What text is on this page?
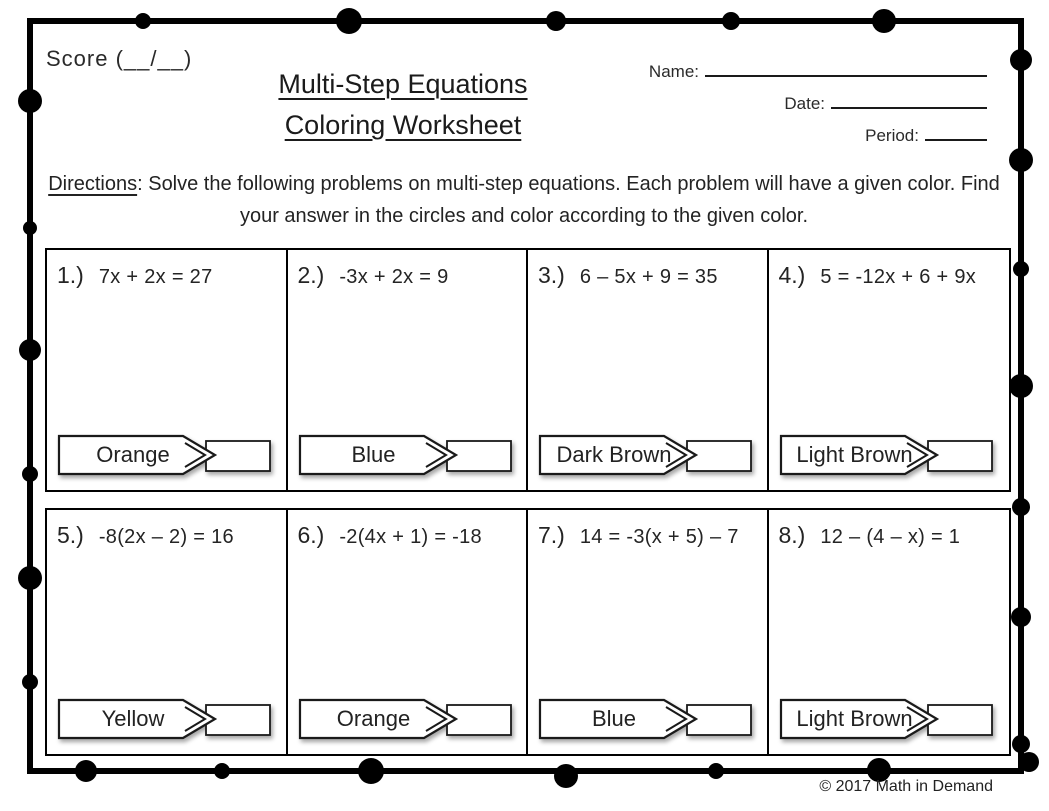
Score (__/__)
Multi-Step Equations
Coloring Worksheet
Name:
Date:
Period:
Directions: Solve the following problems on multi-step equations. Each problem will have a given color. Find your answer in the circles and color according to the given color.
1.) 7x + 2x = 27
Orange
2.) -3x + 2x = 9
Blue
3.) 6 – 5x + 9 = 35
Dark Brown
4.) 5 = -12x + 6 + 9x
Light Brown
5.) -8(2x – 2) = 16
Yellow
6.) -2(4x + 1) = -18
Orange
7.) 14 = -3(x + 5) – 7
Blue
8.) 12 – (4 – x) = 1
Light Brown
© 2017 Math in Demand
